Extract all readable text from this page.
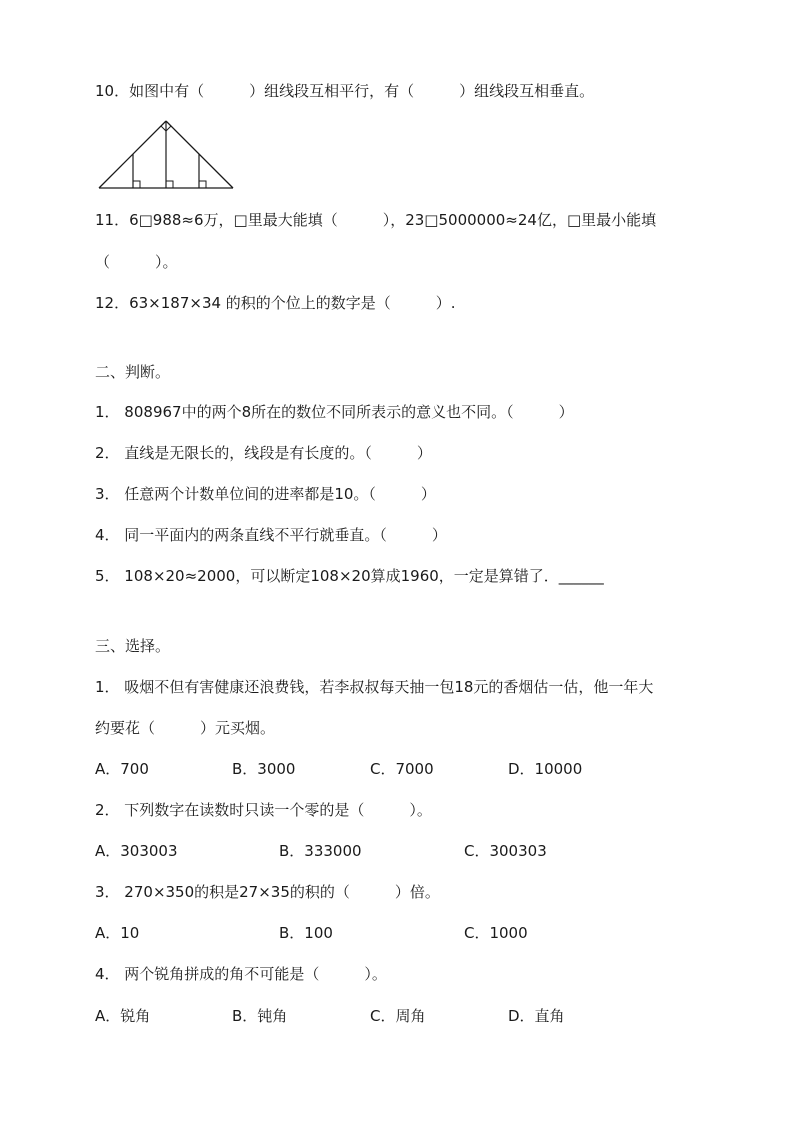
10．如图中有（　　　）组线段互相平行，有（　　　）组线段互相垂直。
11．6□988≈6万，□里最大能填（　　　），23□5000000≈24亿，□里最小能填
（　　　）。
12．63×187×34 的积的个位上的数字是（　　　）.
二、判断。
1． 808967中的两个8所在的数位不同所表示的意义也不同。（　　　）
2． 直线是无限长的，线段是有长度的。（　　　）
3． 任意两个计数单位间的进率都是10。（　　　）
4． 同一平面内的两条直线不平行就垂直。（　　　）
5． 108×20≈2000，可以断定108×20算成1960，一定是算错了．______
三、选择。
1． 吸烟不但有害健康还浪费钱，若李叔叔每天抽一包18元的香烟估一估，他一年大
约要花（　　　）元买烟。
A．700	B．3000	C．7000	D．10000
2． 下列数字在读数时只读一个零的是（　　　）。
A．303003	B．333000	C．300303
3． 270×350的积是27×35的积的（　　　）倍。
A．10	B．100	C．1000
4． 两个锐角拼成的角不可能是（　　　）。
A．锐角	B．钝角	C．周角	D．直角
